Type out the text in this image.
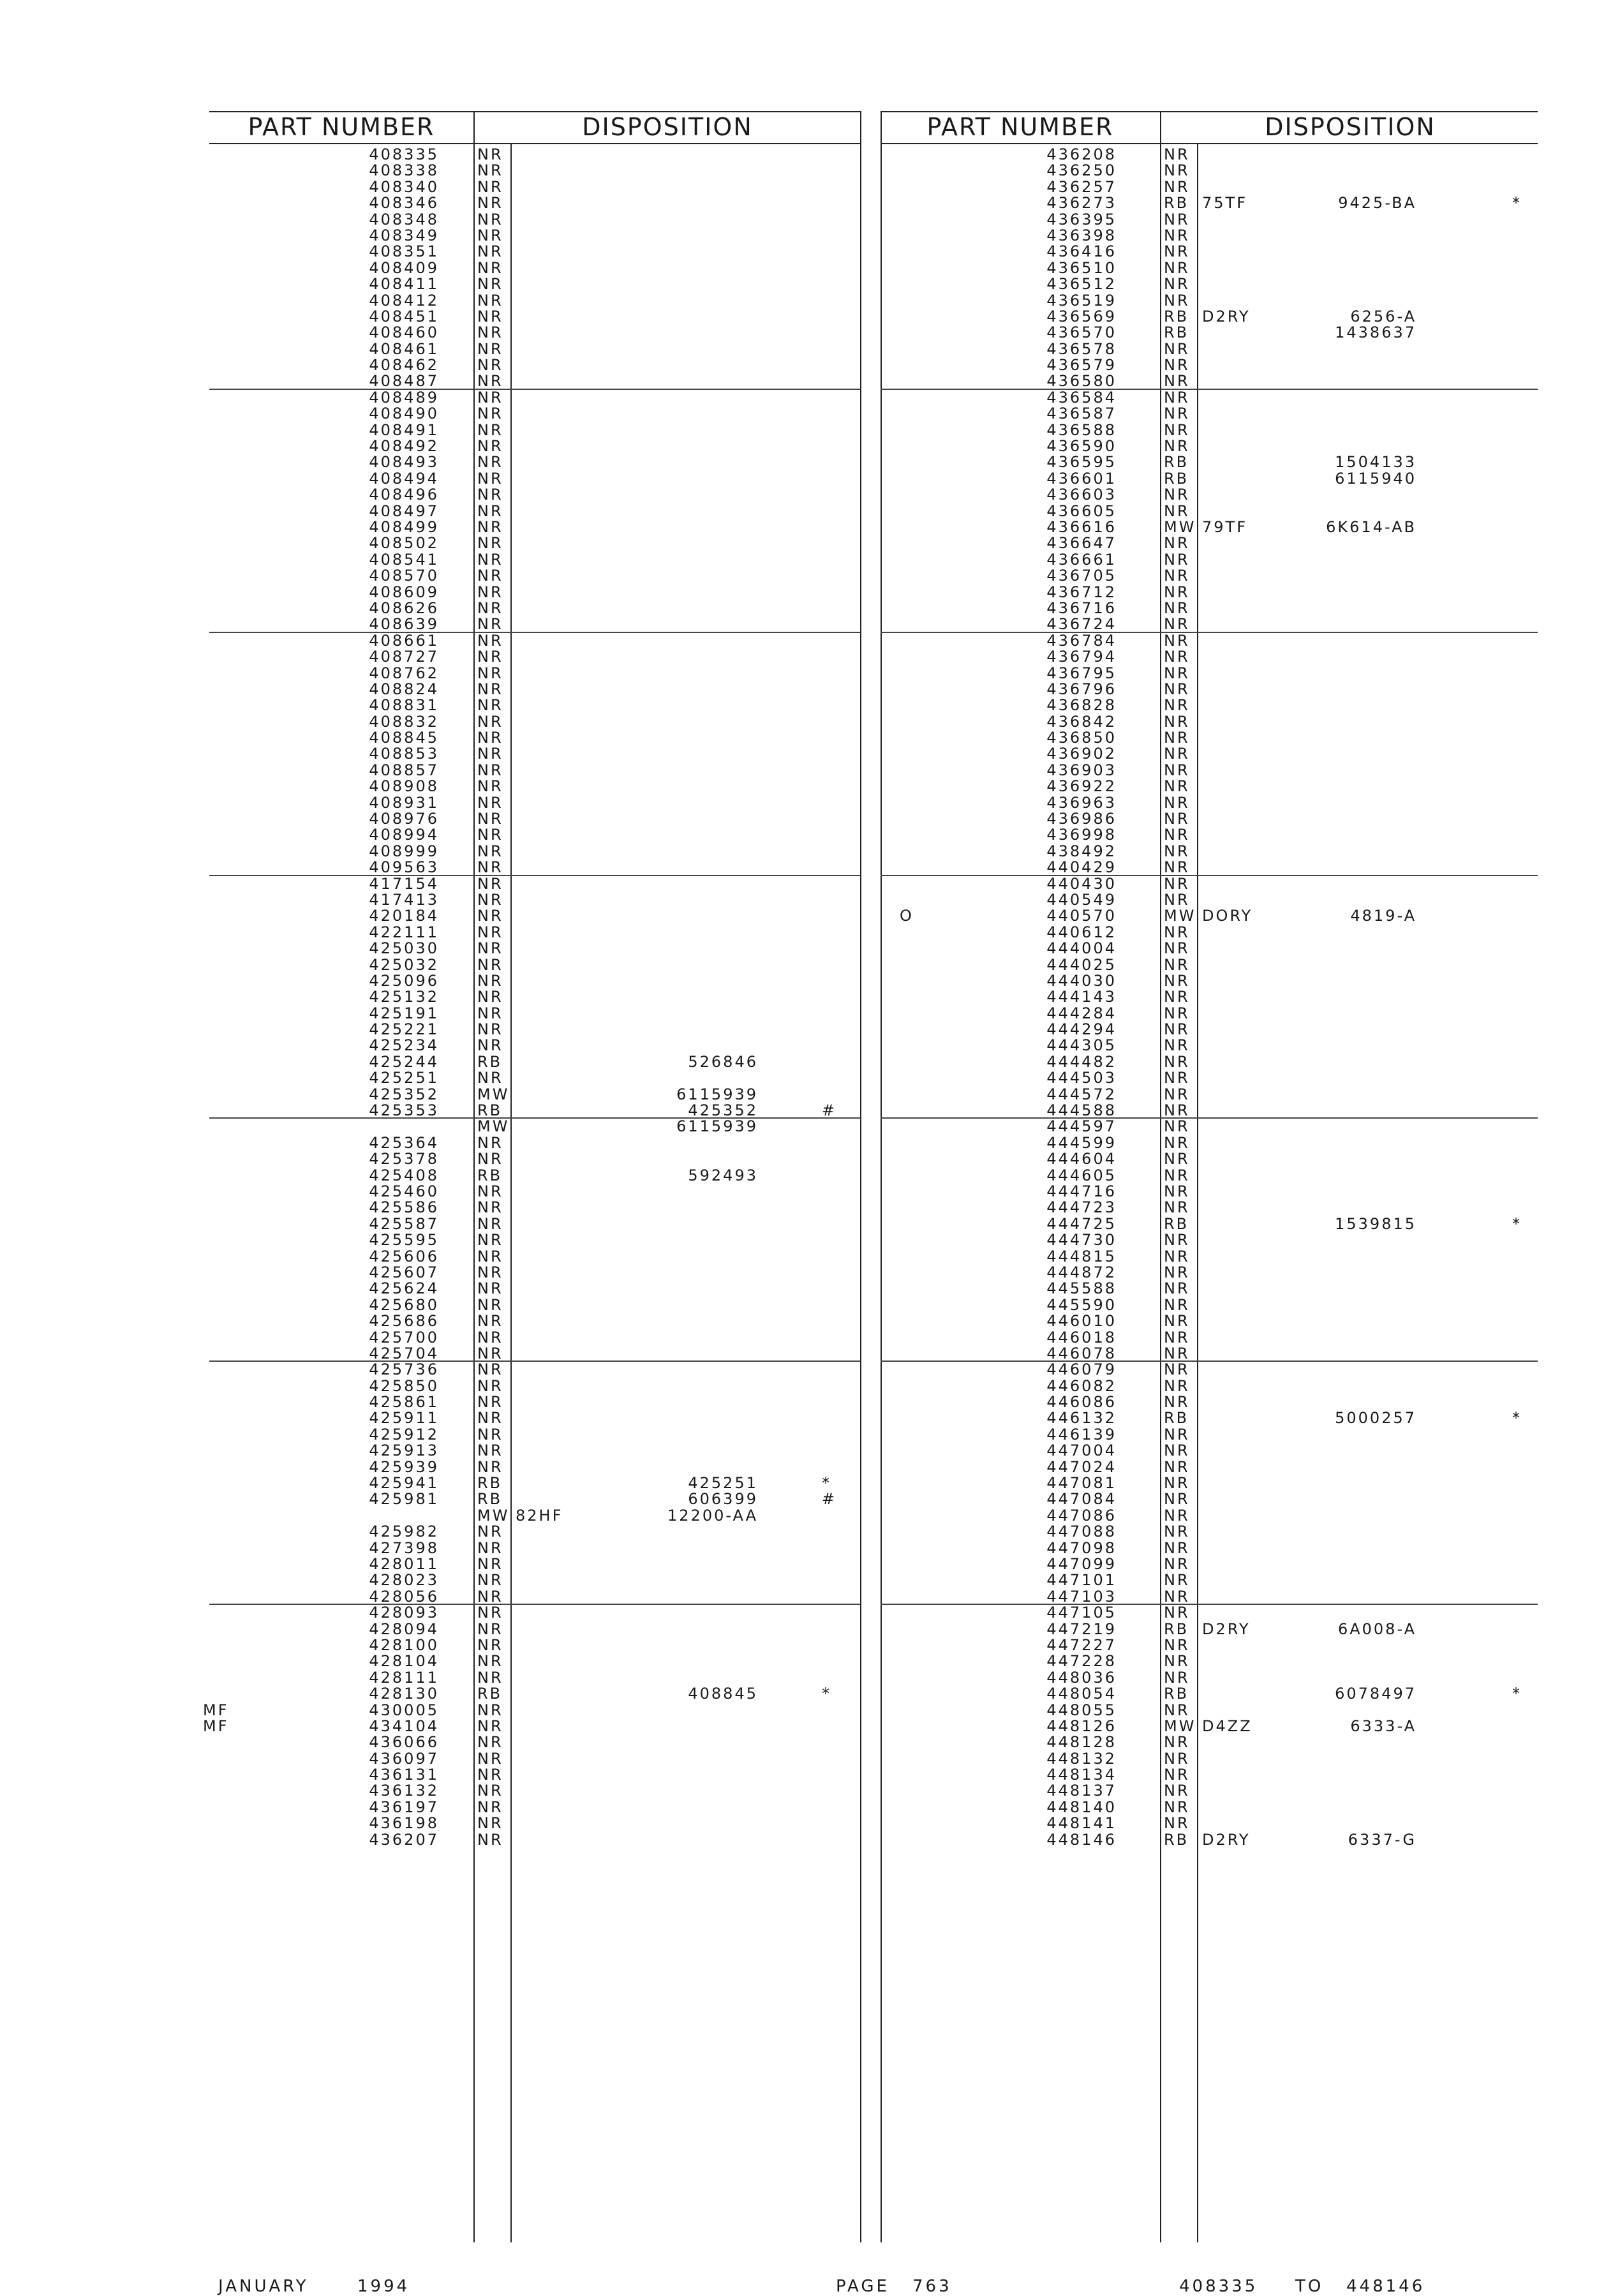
PART NUMBER	DISPOSITION	PART NUMBER	DISPOSITION
408335	NR
408338	NR
408340	NR
408346	NR
408348	NR
408349	NR
408351	NR
408409	NR
408411	NR
408412	NR
408451	NR
408460	NR
408461	NR
408462	NR
408487	NR
408489	NR
408490	NR
408491	NR
408492	NR
408493	NR
408494	NR
408496	NR
408497	NR
408499	NR
408502	NR
408541	NR
408570	NR
408609	NR
408626	NR
408639	NR
408661	NR
408727	NR
408762	NR
408824	NR
408831	NR
408832	NR
408845	NR
408853	NR
408857	NR
408908	NR
408931	NR
408976	NR
408994	NR
408999	NR
409563	NR
417154	NR
417413	NR
420184	NR
422111	NR
425030	NR
425032	NR
425096	NR
425132	NR
425191	NR
425221	NR
425234	NR
425244	RB	526846
425251	NR
425352	MW	6115939
425353	RB	425352	#
MW	6115939
425364	NR
425378	NR
425408	RB	592493
425460	NR
425586	NR
425587	NR
425595	NR
425606	NR
425607	NR
425624	NR
425680	NR
425686	NR
425700	NR
425704	NR
425736	NR
425850	NR
425861	NR
425911	NR
425912	NR
425913	NR
425939	NR
425941	RB	425251	*
425981	RB	606399	#
MW 82HF	12200-AA
425982	NR
427398	NR
428011	NR
428023	NR
428056	NR
428093	NR
428094	NR
428100	NR
428104	NR
428111	NR
428130	RB	408845	*
MF	430005	NR
MF	434104	NR
436066	NR
436097	NR
436131	NR
436132	NR
436197	NR
436198	NR
436207	NR
436208	NR
436250	NR
436257	NR
436273	RB 75TF	9425-BA	*
436395	NR
436398	NR
436416	NR
436510	NR
436512	NR
436519	NR
436569	RB D2RY	6256-A
436570	RB	1438637
436578	NR
436579	NR
436580	NR
436584	NR
436587	NR
436588	NR
436590	NR
436595	RB	1504133
436601	RB	6115940
436603	NR
436605	NR
436616	MW 79TF	6K614-AB
436647	NR
436661	NR
436705	NR
436712	NR
436716	NR
436724	NR
436784	NR
436794	NR
436795	NR
436796	NR
436828	NR
436842	NR
436850	NR
436902	NR
436903	NR
436922	NR
436963	NR
436986	NR
436998	NR
438492	NR
440429	NR
440430	NR
440549	NR
O	440570	MW DORY	4819-A
440612	NR
444004	NR
444025	NR
444030	NR
444143	NR
444284	NR
444294	NR
444305	NR
444482	NR
444503	NR
444572	NR
444588	NR
444597	NR
444599	NR
444604	NR
444605	NR
444716	NR
444723	NR
444725	RB	1539815	*
444730	NR
444815	NR
444872	NR
445588	NR
445590	NR
446010	NR
446018	NR
446078	NR
446079	NR
446082	NR
446086	NR
446132	RB	5000257	*
446139	NR
447004	NR
447024	NR
447081	NR
447084	NR
447086	NR
447088	NR
447098	NR
447099	NR
447101	NR
447103	NR
447105	NR
447219	RB D2RY	6A008-A
447227	NR
447228	NR
448036	NR
448054	RB	6078497	*
448055	NR
448126	MW D4ZZ	6333-A
448128	NR
448132	NR
448134	NR
448137	NR
448140	NR
448141	NR
448146	RB D2RY	6337-G
JANUARY	1994	PAGE 763	408335 TO 448146
